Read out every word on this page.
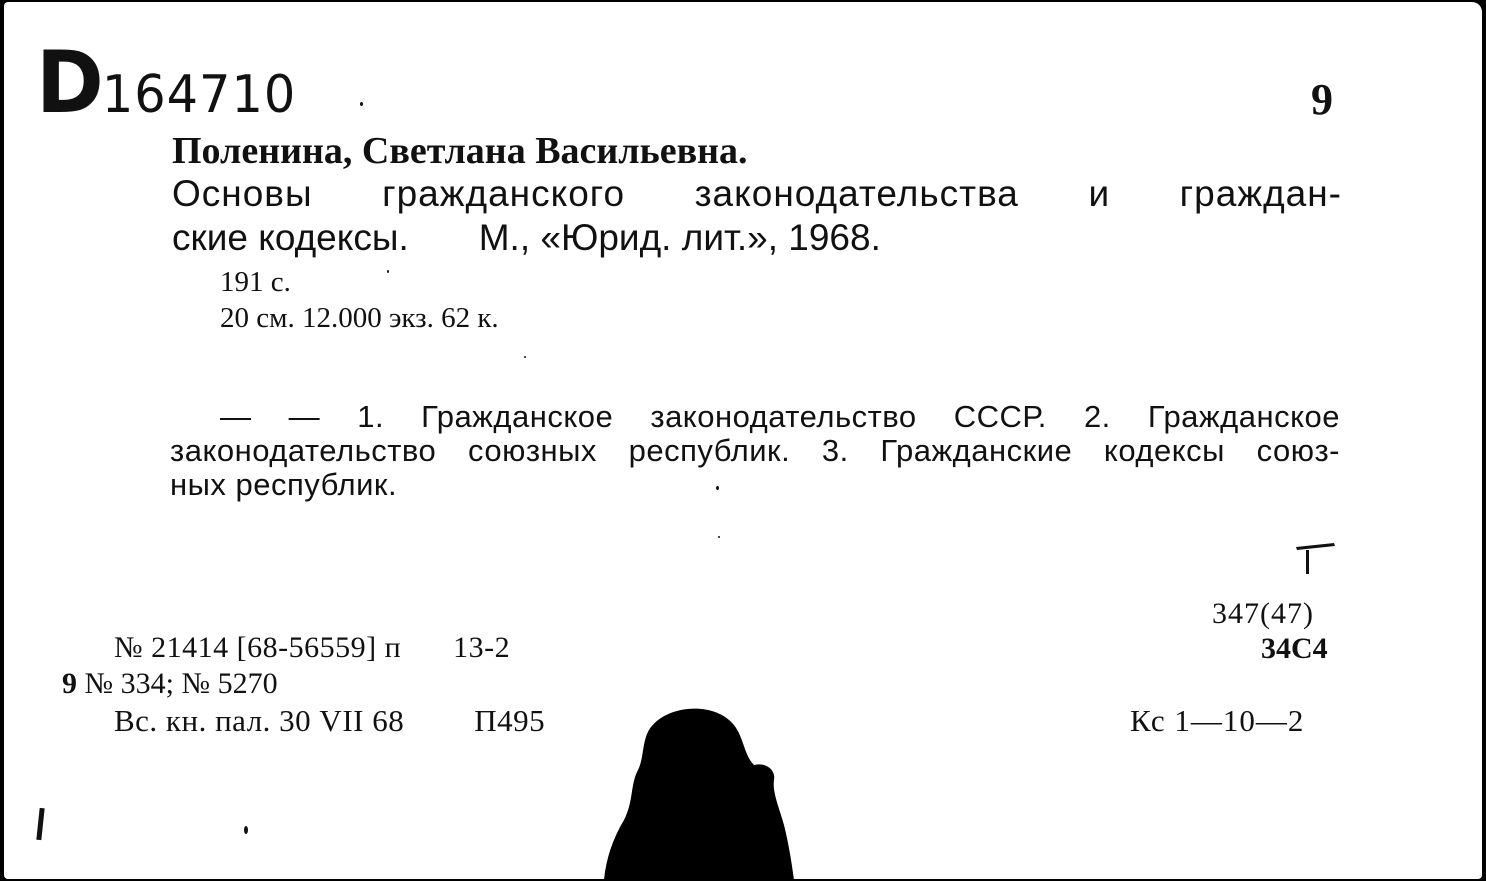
D164710	9
Поленина, Светлана Васильевна.
Основы гражданского законодательства и граждан-
ские кодексы. М., «Юрид. лит.», 1968.
191 с.
20 см. 12.000 экз. 62 к.
— — 1. Гражданское законодательство СССР. 2. Гражданское
законодательство союзных республик. 3. Гражданские кодексы союз-
ных республик.
347(47)
34С4
№ 21414 [68-56559] п 13-2
9 № 334; № 5270
Вс. кн. пал. 30 VII 68 П495	Кс 1—10—2
